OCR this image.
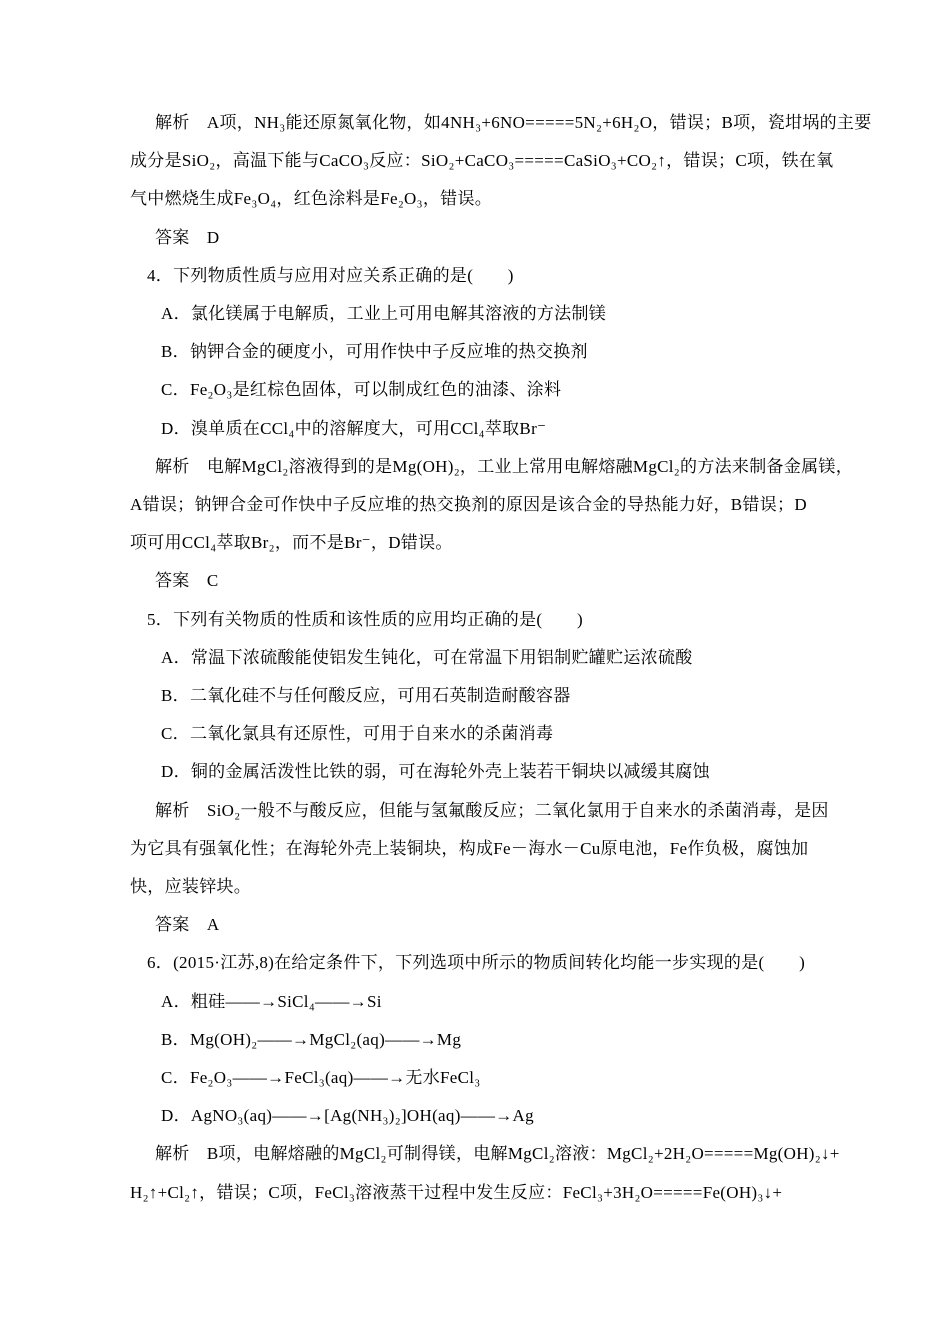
解析　A项，NH₃能还原氮氧化物，如4NH₃+6NO=====5N₂+6H₂O，错误；B项，瓷坩埚的主要

成分是SiO₂，高温下能与CaCO₃反应：SiO₂+CaCO₃=====CaSiO₃+CO₂↑，错误；C项，铁在氧

气中燃烧生成Fe₃O₄，红色涂料是Fe₂O₃，错误。

答案　D

4．下列物质性质与应用对应关系正确的是(　　)

A．氯化镁属于电解质，工业上可用电解其溶液的方法制镁

B．钠钾合金的硬度小，可用作快中子反应堆的热交换剂

C．Fe₂O₃是红棕色固体，可以制成红色的油漆、涂料

D．溴单质在CCl₄中的溶解度大，可用CCl₄萃取Br⁻

解析　电解MgCl₂溶液得到的是Mg(OH)₂，工业上常用电解熔融MgCl₂的方法来制备金属镁，

A错误；钠钾合金可作快中子反应堆的热交换剂的原因是该合金的导热能力好，B错误；D

项可用CCl₄萃取Br₂，而不是Br⁻，D错误。

答案　C

5．下列有关物质的性质和该性质的应用均正确的是(　　)

A．常温下浓硫酸能使铝发生钝化，可在常温下用铝制贮罐贮运浓硫酸

B．二氧化硅不与任何酸反应，可用石英制造耐酸容器

C．二氧化氯具有还原性，可用于自来水的杀菌消毒

D．铜的金属活泼性比铁的弱，可在海轮外壳上装若干铜块以减缓其腐蚀

解析　SiO₂一般不与酸反应，但能与氢氟酸反应；二氧化氯用于自来水的杀菌消毒，是因

为它具有强氧化性；在海轮外壳上装铜块，构成Fe－海水－Cu原电池，Fe作负极，腐蚀加

快，应装锌块。

答案　A

6．(2015·江苏,8)在给定条件下，下列选项中所示的物质间转化均能一步实现的是(　　)

A．粗硅——→SiCl₄——→Si

B．Mg(OH)₂——→MgCl₂(aq)——→Mg

C．Fe₂O₃——→FeCl₃(aq)——→无水FeCl₃

D．AgNO₃(aq)——→[Ag(NH₃)₂]OH(aq)——→Ag

解析　B项，电解熔融的MgCl₂可制得镁，电解MgCl₂溶液：MgCl₂+2H₂O=====Mg(OH)₂↓+

H₂↑+Cl₂↑，错误；C项，FeCl₃溶液蒸干过程中发生反应：FeCl₃+3H₂O=====Fe(OH)₃↓+
